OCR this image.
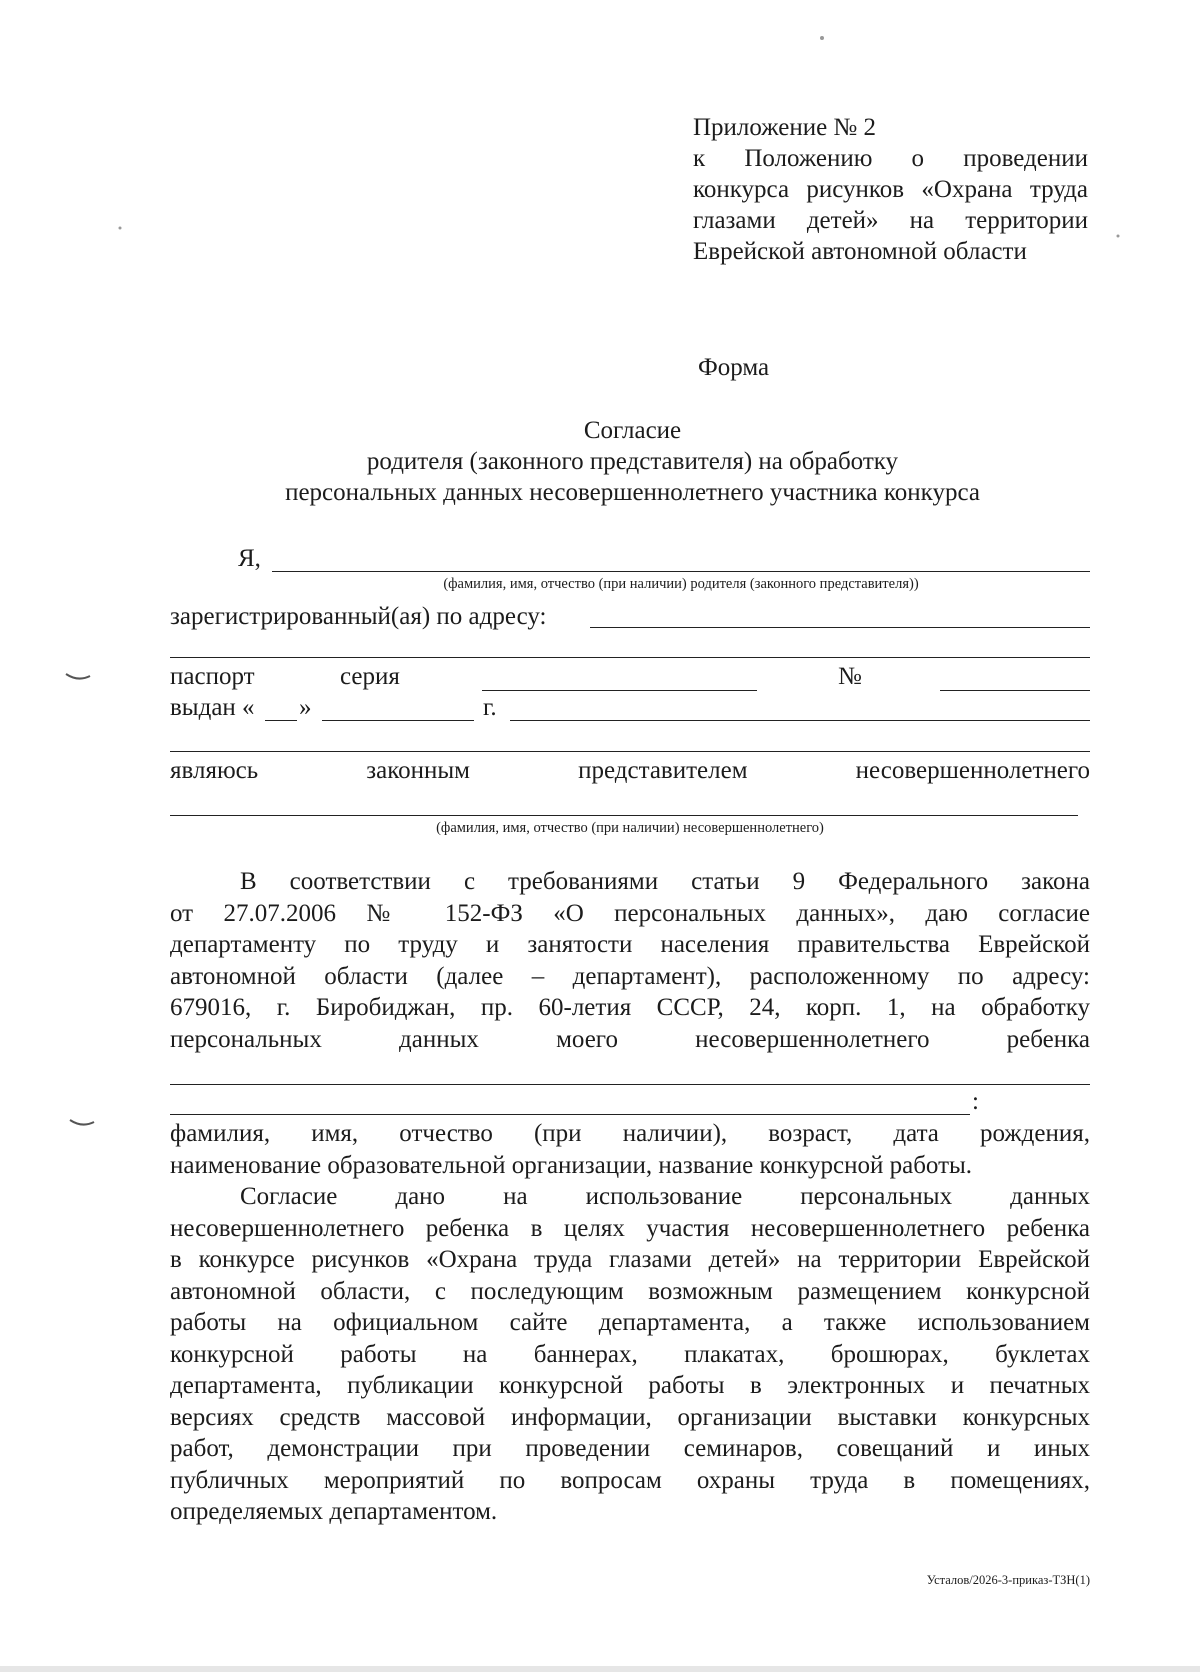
Приложение № 2
к Положению о проведении конкурса рисунков «Охрана труда глазами детей» на территории Еврейской автономной области
Форма
Согласие
родителя (законного представителя) на обработку
персональных данных несовершеннолетнего участника конкурса
Я,
(фамилия, имя, отчество (при наличии) родителя (законного представителя))
зарегистрированный(ая) по адресу:
паспорт	серия	№
выдан « »	г.
являюсь	законным	представителем	несовершеннолетнего
(фамилия, имя, отчество (при наличии) несовершеннолетнего)
В соответствии с требованиями статьи 9 Федерального закона
от 27.07.2006 № 152-ФЗ «О персональных данных», даю согласие
департаменту по труду и занятости населения правительства Еврейской
автономной области (далее – департамент), расположенному по адресу:
679016, г. Биробиджан, пр. 60-летия СССР, 24, корп. 1, на обработку
персональных данных моего несовершеннолетнего ребенка
:
фамилия, имя, отчество (при наличии), возраст, дата рождения,
наименование образовательной организации, название конкурсной работы.
Согласие дано на использование персональных данных
несовершеннолетнего ребенка в целях участия несовершеннолетнего ребенка
в конкурсе рисунков «Охрана труда глазами детей» на территории Еврейской
автономной области, с последующим возможным размещением конкурсной
работы на официальном сайте департамента, а также использованием
конкурсной работы на баннерах, плакатах, брошюрах, буклетах
департамента, публикации конкурсной работы в электронных и печатных
версиях средств массовой информации, организации выставки конкурсных
работ, демонстрации при проведении семинаров, совещаний и иных
публичных мероприятий по вопросам охраны труда в помещениях,
определяемых департаментом.
Усталов/2026-3-приказ-ТЗН(1)
